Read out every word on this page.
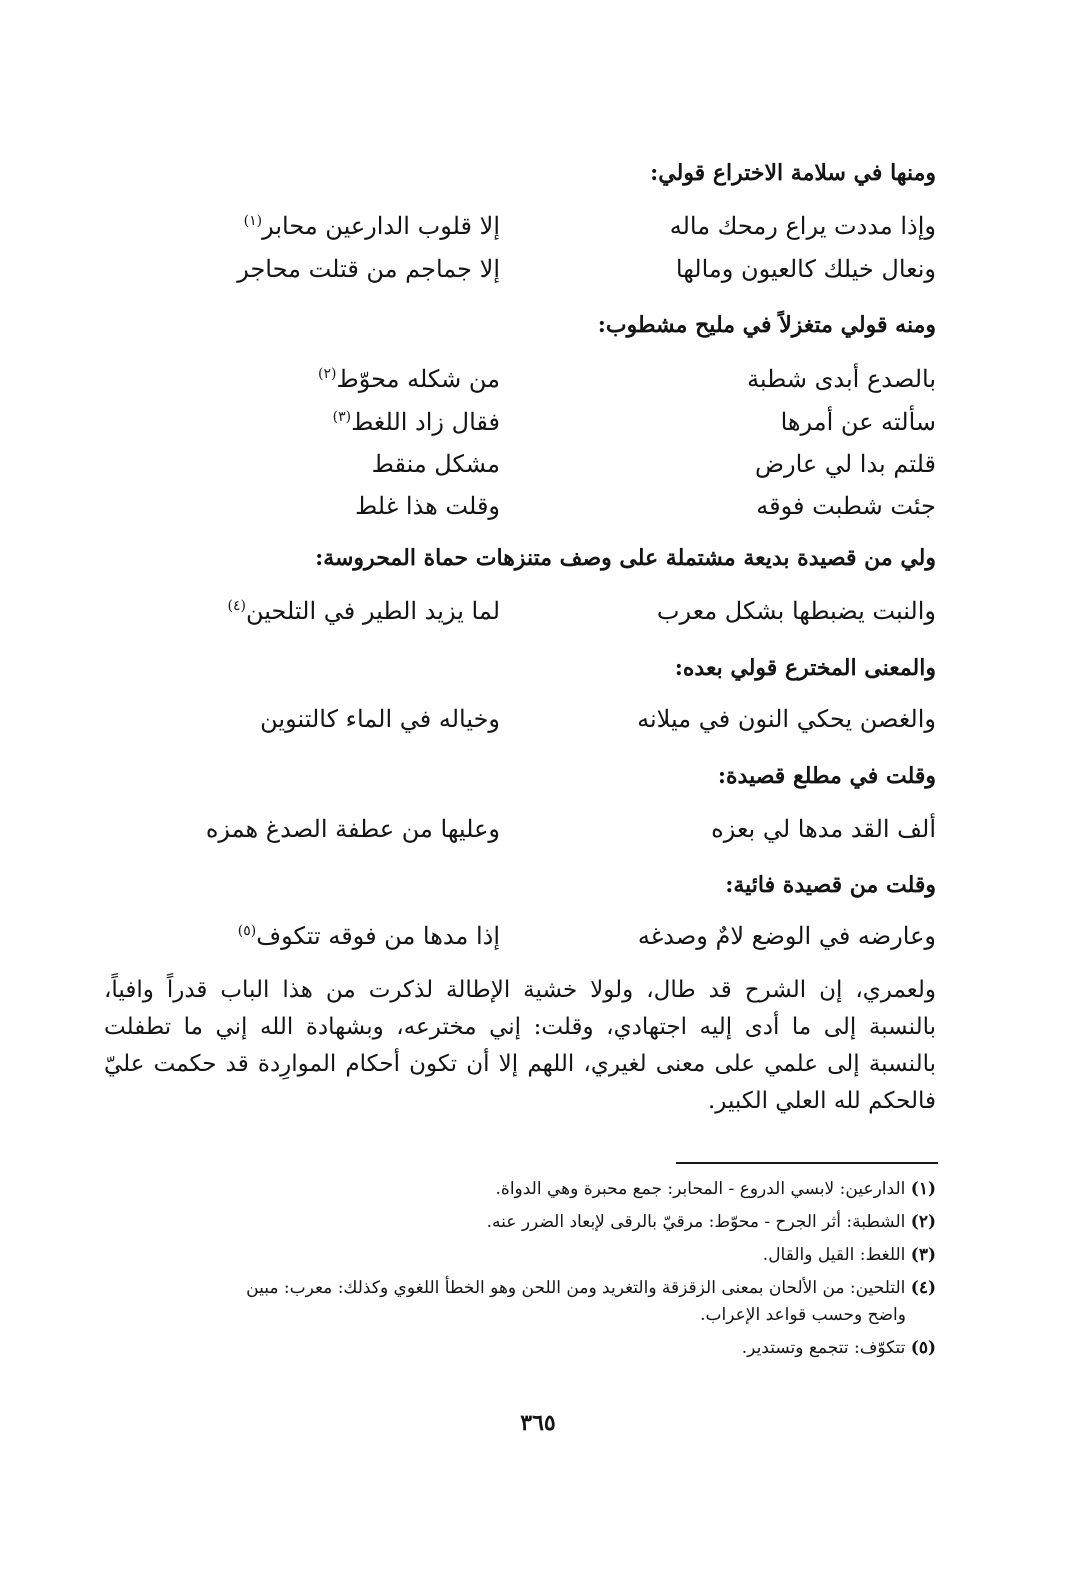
ومنها في سلامة الاختراع قولي:
وإذا مددت يراع رمحك ماله
إلا قلوب الدارعين محابر$^{(١)}$
ونعال خيلك كالعيون ومالها
إلا جماجم من قتلت محاجر
ومنه قولي متغزلاً في مليح مشطوب:
بالصدع أبدى شطبة
من شكله محوّط$^{(٢)}$
سألته عن أمرها
فقال زاد اللغط$^{(٣)}$
قلتم بدا لي عارض
مشكل منقط
جئت شطبت فوقه
وقلت هذا غلط
ولي من قصيدة بديعة مشتملة على وصف متنزهات حماة المحروسة:
والنبت يضبطها بشكل معرب
لما يزيد الطير في التلحين$^{(٤)}$
والمعنى المخترع قولي بعده:
والغصن يحكي النون في ميلانه
وخياله في الماء كالتنوين
وقلت في مطلع قصيدة:
ألف القد مدها لي بعزه
وعليها من عطفة الصدغ همزه
وقلت من قصيدة فائية:
وعارضه في الوضع لامٌ وصدغه
إذا مدها من فوقه تتكوف$^{(٥)}$
ولعمري، إن الشرح قد طال، ولولا خشية الإطالة لذكرت من هذا الباب قدراً وافياً، بالنسبة إلى ما أدى إليه اجتهادي، وقلت: إني مخترعه، وبشهادة الله إني ما تطفلت بالنسبة إلى علمي على معنى لغيري، اللهم إلا أن تكون أحكام الموارِدة قد حكمت عليّ فالحكم لله العلي الكبير.
(١) الدارعين: لابسي الدروع - المحابر: جمع محبرة وهي الدواة.
(٢) الشطبة: أثر الجرح - محوّط: مرقيّ بالرقى لإبعاد الضرر عنه.
(٣) اللغط: القيل والقال.
(٤) التلحين: من الألحان بمعنى الزقزقة والتغريد ومن اللحن وهو الخطأ اللغوي وكذلك: معرب: مبين
واضح وحسب قواعد الإعراب.
(٥) تتكوّف: تتجمع وتستدير.
٣٦٥
